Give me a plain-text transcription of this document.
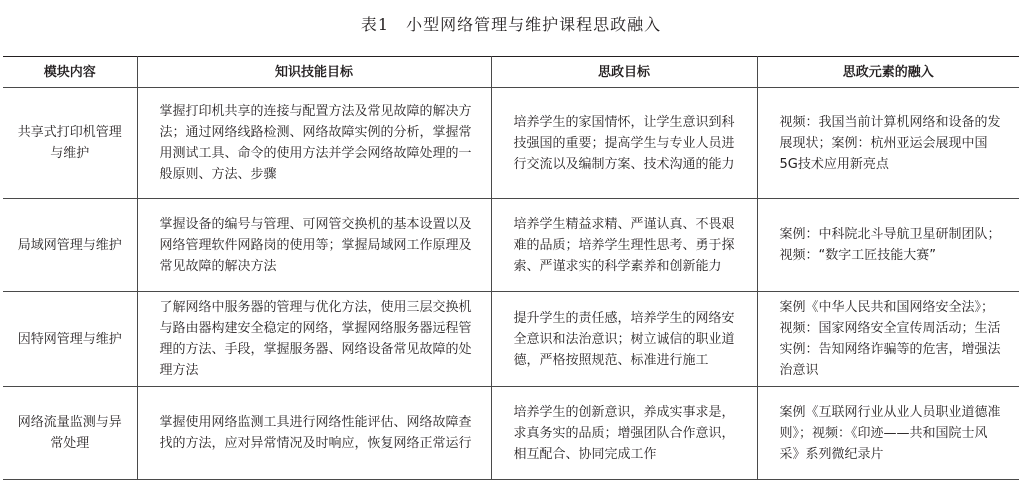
表1　小型网络管理与维护课程思政融入
模块内容	知识技能目标	思政目标	思政元素的融入
共享式打印机管理与维护	掌握打印机共享的连接与配置方法及常见故障的解决方法；通过网络线路检测、网络故障实例的分析，掌握常用测试工具、命令的使用方法并学会网络故障处理的一般原则、方法、步骤	培养学生的家国情怀，让学生意识到科技强国的重要；提高学生与专业人员进行交流以及编制方案、技术沟通的能力	视频：我国当前计算机网络和设备的发展现状；案例：杭州亚运会展现中国5G技术应用新亮点
局域网管理与维护	掌握设备的编号与管理、可网管交换机的基本设置以及网络管理软件网路岗的使用等；掌握局域网工作原理及常见故障的解决方法	培养学生精益求精、严谨认真、不畏艰难的品质；培养学生理性思考、勇于探索、严谨求实的科学素养和创新能力	案例：中科院北斗导航卫星研制团队；视频：“数字工匠技能大赛”
因特网管理与维护	了解网络中服务器的管理与优化方法，使用三层交换机与路由器构建安全稳定的网络，掌握网络服务器远程管理的方法、手段，掌握服务器、网络设备常见故障的处理方法	提升学生的责任感，培养学生的网络安全意识和法治意识；树立诚信的职业道德，严格按照规范、标准进行施工	案例《中华人民共和国网络安全法》；视频：国家网络安全宣传周活动；生活实例：告知网络诈骗等的危害，增强法治意识
网络流量监测与异常处理	掌握使用网络监测工具进行网络性能评估、网络故障查找的方法，应对异常情况及时响应，恢复网络正常运行	培养学生的创新意识，养成实事求是，求真务实的品质；增强团队合作意识，相互配合、协同完成工作	案例《互联网行业从业人员职业道德准则》；视频：《印迹——共和国院士风采》系列微纪录片
